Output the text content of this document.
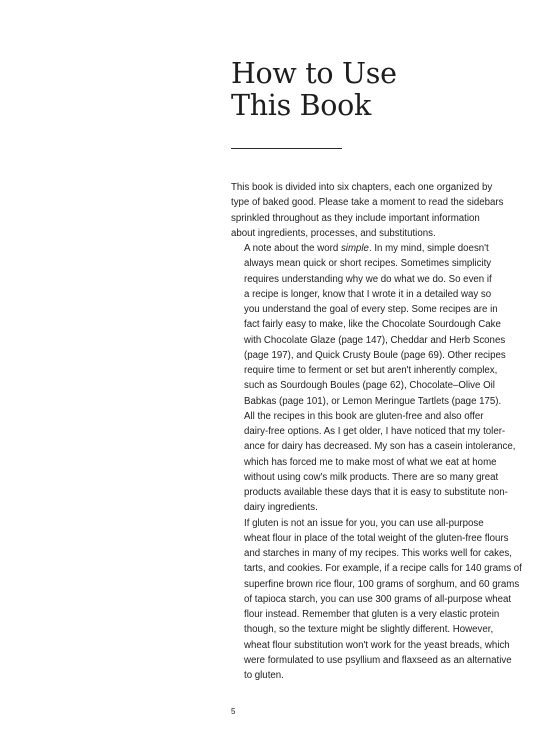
How to Use
This Book

This book is divided into six chapters, each one organized by
type of baked good. Please take a moment to read the sidebars
sprinkled throughout as they include important information
about ingredients, processes, and substitutions.

A note about the word simple. In my mind, simple doesn't
always mean quick or short recipes. Sometimes simplicity
requires understanding why we do what we do. So even if
a recipe is longer, know that I wrote it in a detailed way so
you understand the goal of every step. Some recipes are in
fact fairly easy to make, like the Chocolate Sourdough Cake
with Chocolate Glaze (page 147), Cheddar and Herb Scones
(page 197), and Quick Crusty Boule (page 69). Other recipes
require time to ferment or set but aren't inherently complex,
such as Sourdough Boules (page 62), Chocolate–Olive Oil
Babkas (page 101), or Lemon Meringue Tartlets (page 175).

All the recipes in this book are gluten-free and also offer
dairy-free options. As I get older, I have noticed that my toler-
ance for dairy has decreased. My son has a casein intolerance,
which has forced me to make most of what we eat at home
without using cow's milk products. There are so many great
products available these days that it is easy to substitute non-
dairy ingredients.

If gluten is not an issue for you, you can use all-purpose
wheat flour in place of the total weight of the gluten-free flours
and starches in many of my recipes. This works well for cakes,
tarts, and cookies. For example, if a recipe calls for 140 grams of
superfine brown rice flour, 100 grams of sorghum, and 60 grams
of tapioca starch, you can use 300 grams of all-purpose wheat
flour instead. Remember that gluten is a very elastic protein
though, so the texture might be slightly different. However,
wheat flour substitution won't work for the yeast breads, which
were formulated to use psyllium and flaxseed as an alternative
to gluten.

5
